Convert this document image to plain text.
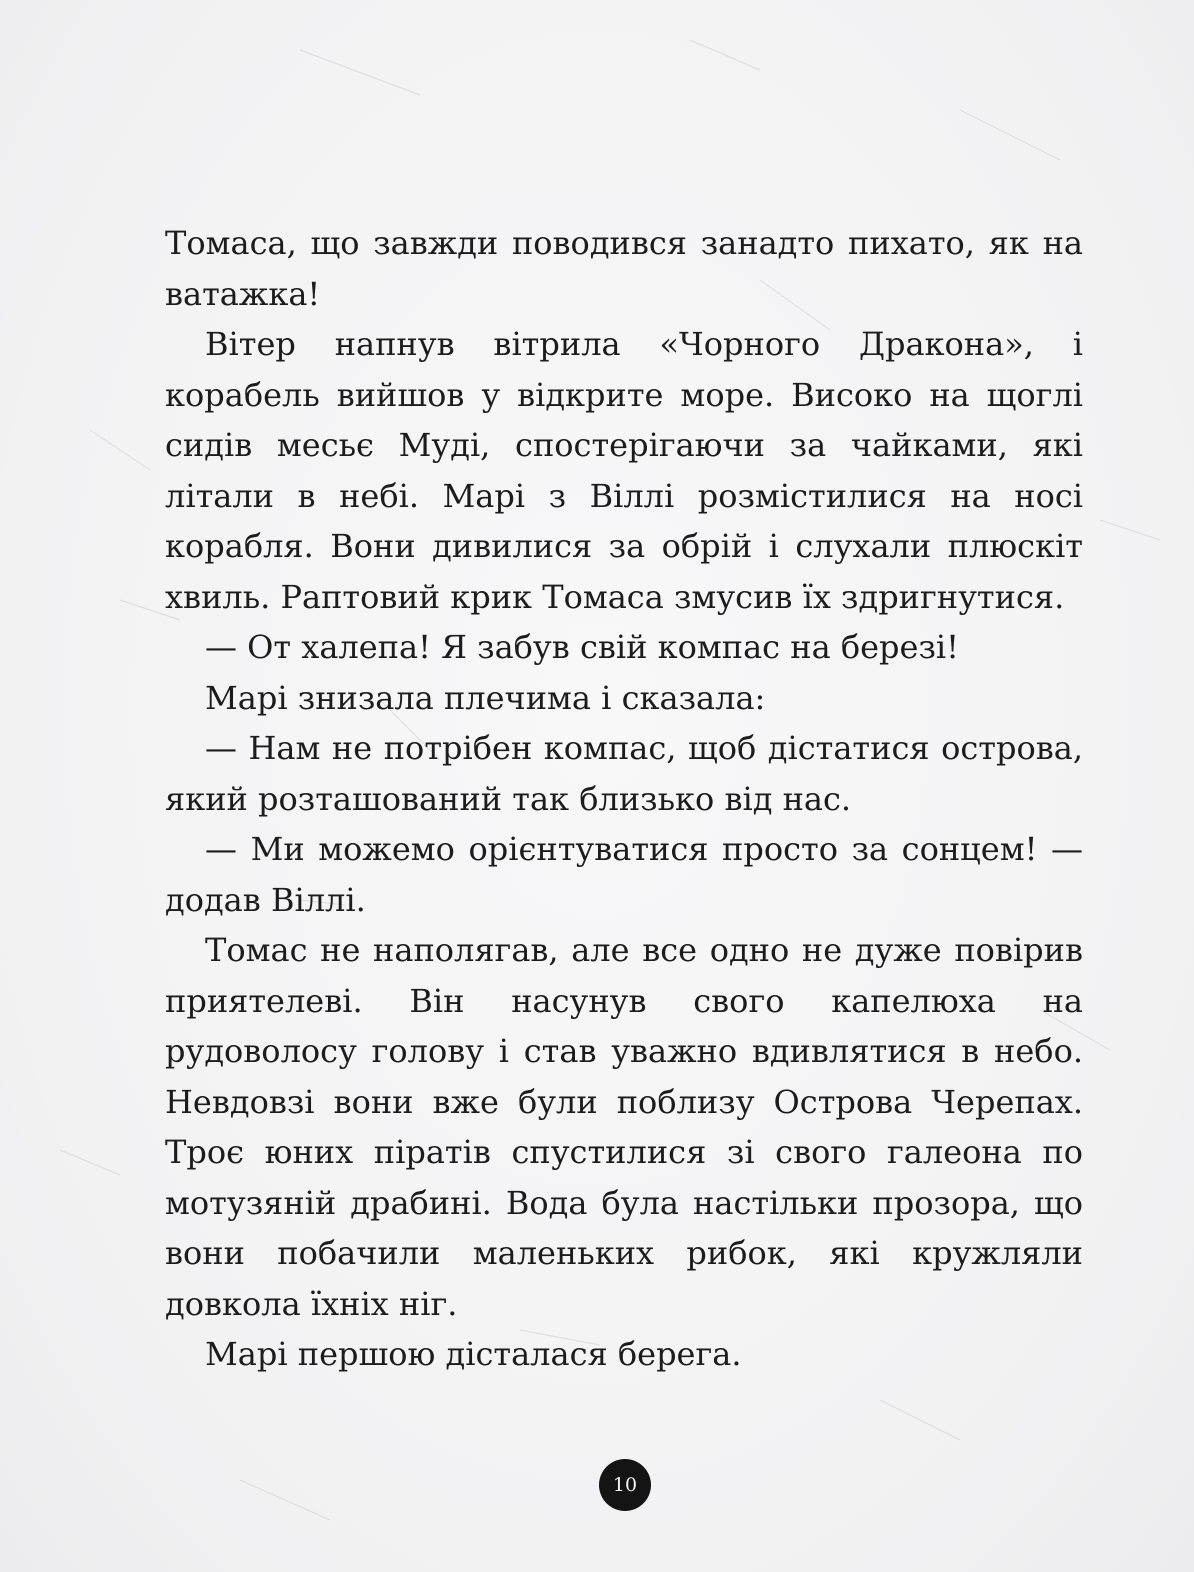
Томаса, що завжди поводився занадто пихато, як на ватажка!

Вітер напнув вітрила «Чорного Дракона», і корабель вийшов у відкрите море. Високо на щоглі сидів месьє Муді, спостерігаючи за чайками, які літали в небі. Марі з Віллі розмістилися на носі корабля. Вони дивилися за обрій і слухали плюскіт хвиль. Раптовий крик Томаса змусив їх здригнутися.

— От халепа! Я забув свій компас на березі!

Марі знизала плечима і сказала:

— Нам не потрібен компас, щоб дістатися острова, який розташований так близько від нас.

— Ми можемо орієнтуватися просто за сонцем! — додав Віллі.

Томас не наполягав, але все одно не дуже повірив приятелеві. Він насунув свого капелюха на рудоволосу голову і став уважно вдивлятися в небо. Невдовзі вони вже були поблизу Острова Черепах. Троє юних піратів спустилися зі свого галеона по мотузяній драбині. Вода була настільки прозора, що вони побачили маленьких рибок, які кружляли довкола їхніх ніг.

Марі першою дісталася берега.

10
